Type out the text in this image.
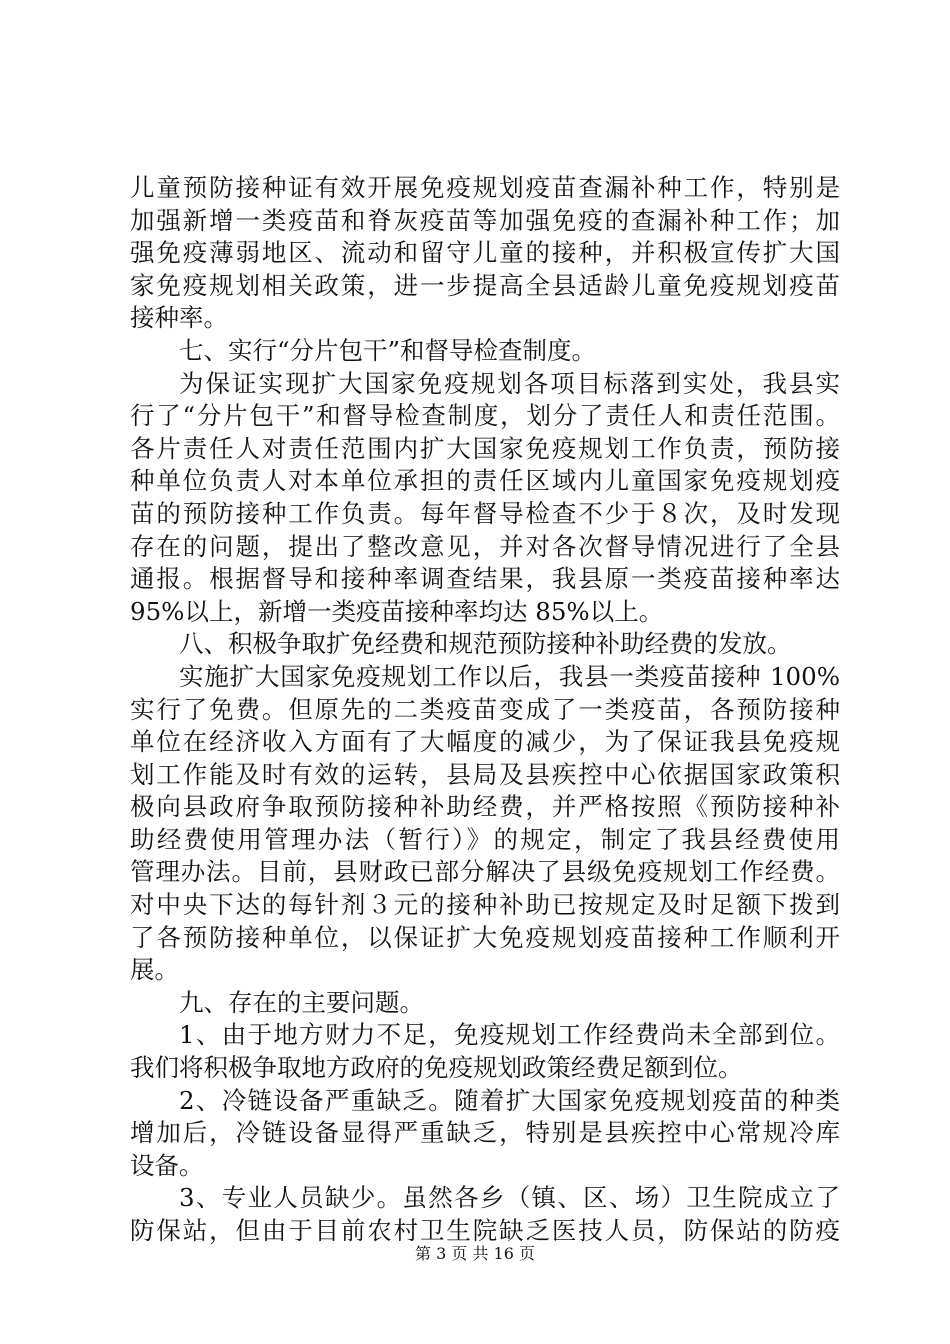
儿童预防接种证有效开展免疫规划疫苗查漏补种工作，特别是
加强新增一类疫苗和脊灰疫苗等加强免疫的查漏补种工作；加
强免疫薄弱地区、流动和留守儿童的接种，并积极宣传扩大国
家免疫规划相关政策，进一步提高全县适龄儿童免疫规划疫苗
接种率。
七、实行“分片包干”和督导检查制度。
为保证实现扩大国家免疫规划各项目标落到实处，我县实
行了“分片包干”和督导检查制度，划分了责任人和责任范围。
各片责任人对责任范围内扩大国家免疫规划工作负责，预防接
种单位负责人对本单位承担的责任区域内儿童国家免疫规划疫
苗的预防接种工作负责。每年督导检查不少于８次，及时发现
存在的问题，提出了整改意见，并对各次督导情况进行了全县
通报。根据督导和接种率调查结果，我县原一类疫苗接种率达
95%以上，新增一类疫苗接种率均达 85%以上。
八、积极争取扩免经费和规范预防接种补助经费的发放。
实施扩大国家免疫规划工作以后，我县一类疫苗接种 100%
实行了免费。但原先的二类疫苗变成了一类疫苗，各预防接种
单位在经济收入方面有了大幅度的减少，为了保证我县免疫规
划工作能及时有效的运转，县局及县疾控中心依据国家政策积
极向县政府争取预防接种补助经费，并严格按照《预防接种补
助经费使用管理办法（暂行）》的规定，制定了我县经费使用
管理办法。目前，县财政已部分解决了县级免疫规划工作经费。
对中央下达的每针剂３元的接种补助已按规定及时足额下拨到
了各预防接种单位，以保证扩大免疫规划疫苗接种工作顺利开
展。
九、存在的主要问题。
1、由于地方财力不足，免疫规划工作经费尚未全部到位。
我们将积极争取地方政府的免疫规划政策经费足额到位。
2、冷链设备严重缺乏。随着扩大国家免疫规划疫苗的种类
增加后，冷链设备显得严重缺乏，特别是县疾控中心常规冷库
设备。
3、专业人员缺少。虽然各乡（镇、区、场）卫生院成立了
防保站，但由于目前农村卫生院缺乏医技人员，防保站的防疫
第 3 页 共 16 页
